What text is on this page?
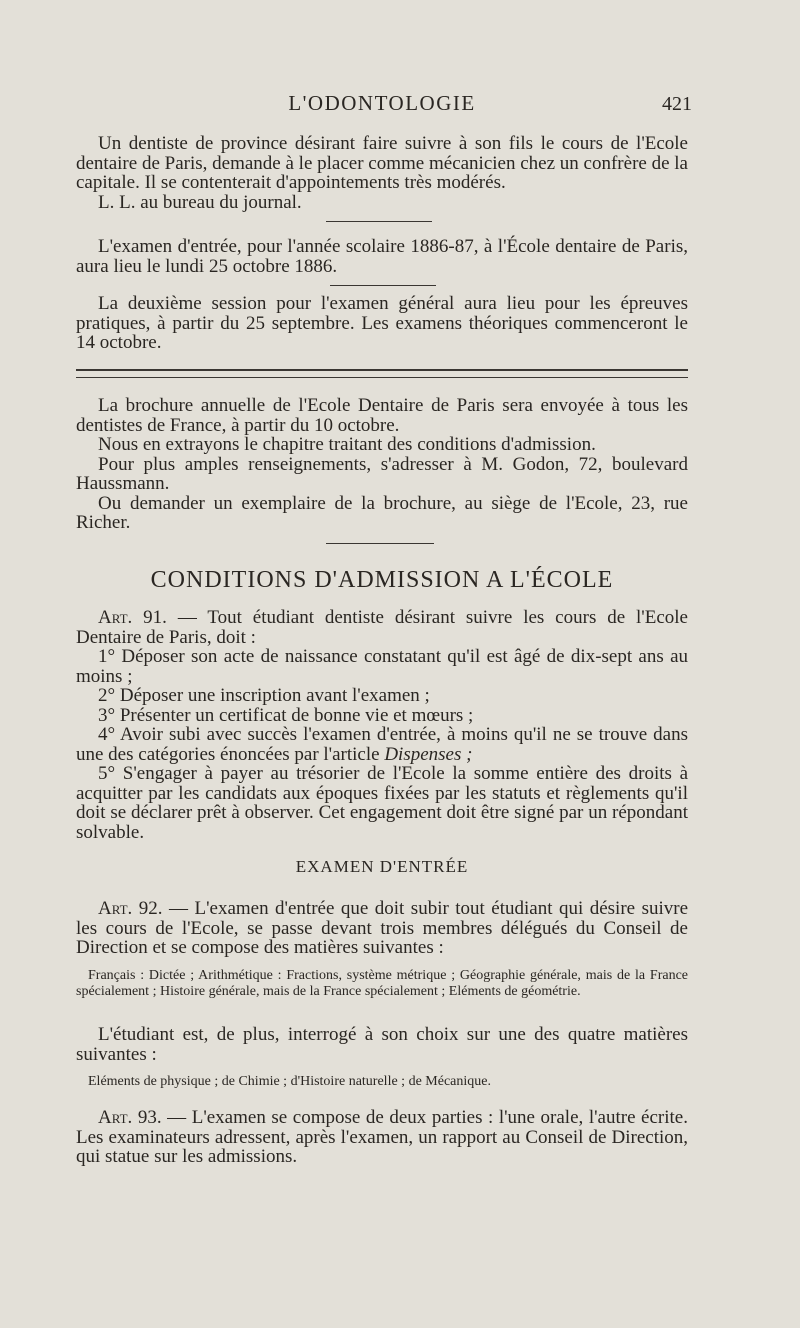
L'ODONTOLOGIE	421

Un dentiste de province désirant faire suivre à son fils le cours de l'Ecole dentaire de Paris, demande à le placer comme mécanicien chez un confrère de la capitale. Il se contenterait d'appointements très modérés.

L. L. au bureau du journal.

L'examen d'entrée, pour l'année scolaire 1886-87, à l'École dentaire de Paris, aura lieu le lundi 25 octobre 1886.

La deuxième session pour l'examen général aura lieu pour les épreuves pratiques, à partir du 25 septembre. Les examens théoriques commenceront le 14 octobre.

La brochure annuelle de l'Ecole Dentaire de Paris sera envoyée à tous les dentistes de France, à partir du 10 octobre.

Nous en extrayons le chapitre traitant des conditions d'admission.

Pour plus amples renseignements, s'adresser à M. Godon, 72, boulevard Haussmann.

Ou demander un exemplaire de la brochure, au siège de l'Ecole, 23, rue Richer.

CONDITIONS D'ADMISSION A L'ÉCOLE

Art. 91. — Tout étudiant dentiste désirant suivre les cours de l'Ecole Dentaire de Paris, doit :

1° Déposer son acte de naissance constatant qu'il est âgé de dix-sept ans au moins ;

2° Déposer une inscription avant l'examen ;

3° Présenter un certificat de bonne vie et mœurs ;

4° Avoir subi avec succès l'examen d'entrée, à moins qu'il ne se trouve dans une des catégories énoncées par l'article Dispenses ;

5° S'engager à payer au trésorier de l'Ecole la somme entière des droits à acquitter par les candidats aux époques fixées par les statuts et règlements qu'il doit se déclarer prêt à observer. Cet engagement doit être signé par un répondant solvable.

EXAMEN D'ENTRÉE

Art. 92. — L'examen d'entrée que doit subir tout étudiant qui désire suivre les cours de l'Ecole, se passe devant trois membres délégués du Conseil de Direction et se compose des matières suivantes :

Français : Dictée ; Arithmétique : Fractions, système métrique ; Géographie générale, mais de la France spécialement ; Histoire générale, mais de la France spécialement ; Eléments de géométrie.

L'étudiant est, de plus, interrogé à son choix sur une des quatre matières suivantes :

Eléments de physique ; de Chimie ; d'Histoire naturelle ; de Mécanique.

Art. 93. — L'examen se compose de deux parties : l'une orale, l'autre écrite. Les examinateurs adressent, après l'examen, un rapport au Conseil de Direction, qui statue sur les admissions.
